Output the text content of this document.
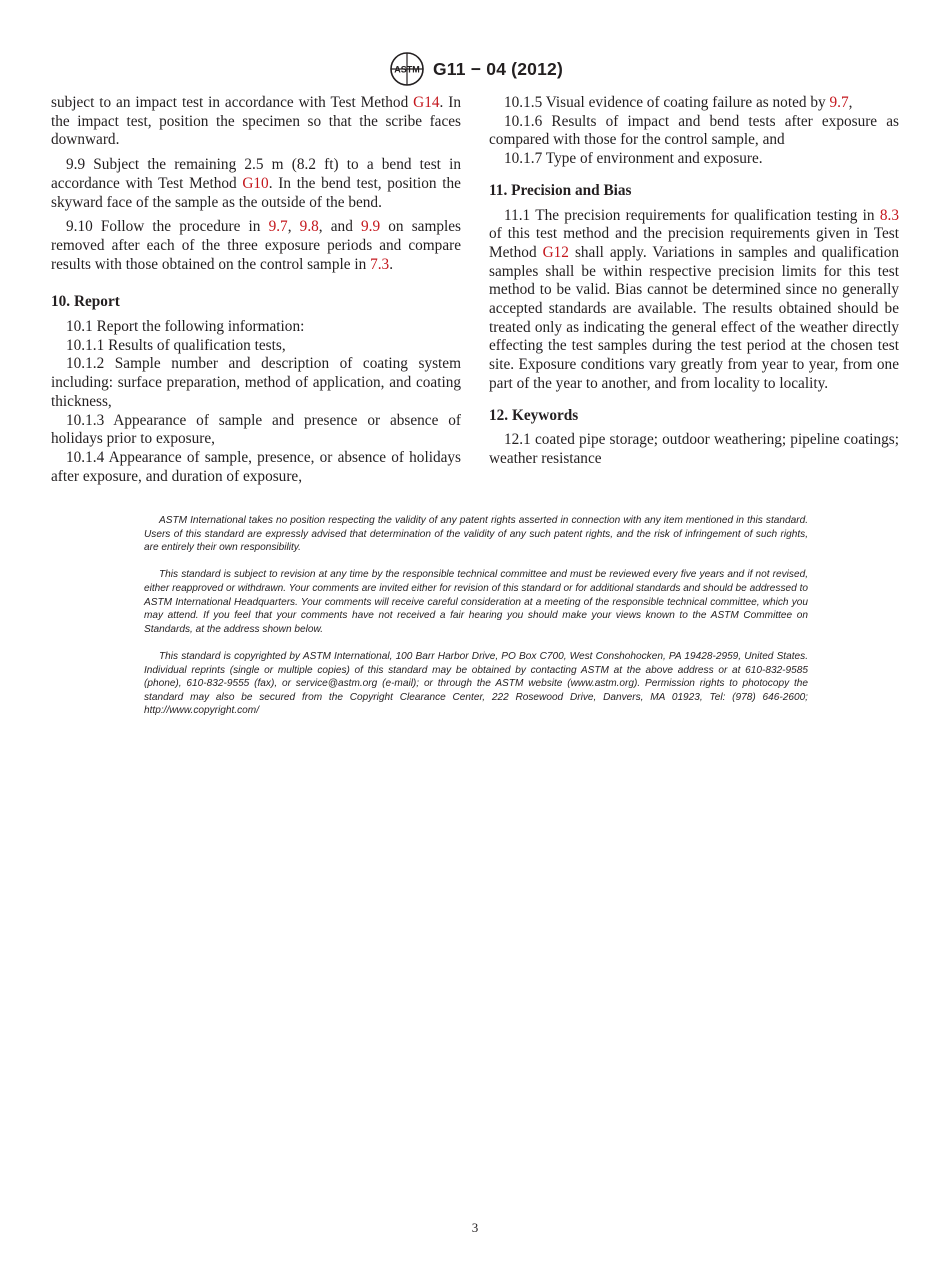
ASTM G11 − 04 (2012)

subject to an impact test in accordance with Test Method G14. In the impact test, position the specimen so that the scribe faces downward.

9.9 Subject the remaining 2.5 m (8.2 ft) to a bend test in accordance with Test Method G10. In the bend test, position the skyward face of the sample as the outside of the bend.

9.10 Follow the procedure in 9.7, 9.8, and 9.9 on samples removed after each of the three exposure periods and compare results with those obtained on the control sample in 7.3.

10. Report

10.1 Report the following information:

10.1.1 Results of qualification tests,

10.1.2 Sample number and description of coating system including: surface preparation, method of application, and coating thickness,

10.1.3 Appearance of sample and presence or absence of holidays prior to exposure,

10.1.4 Appearance of sample, presence, or absence of holidays after exposure, and duration of exposure,

10.1.5 Visual evidence of coating failure as noted by 9.7,

10.1.6 Results of impact and bend tests after exposure as compared with those for the control sample, and

10.1.7 Type of environment and exposure.

11. Precision and Bias

11.1 The precision requirements for qualification testing in 8.3 of this test method and the precision requirements given in Test Method G12 shall apply. Variations in samples and qualification samples shall be within respective precision limits for this test method to be valid. Bias cannot be determined since no generally accepted standards are available. The results obtained should be treated only as indicating the general effect of the weather directly effecting the test samples during the test period at the chosen test site. Exposure conditions vary greatly from year to year, from one part of the year to another, and from locality to locality.

12. Keywords

12.1 coated pipe storage; outdoor weathering; pipeline coatings; weather resistance

ASTM International takes no position respecting the validity of any patent rights asserted in connection with any item mentioned in this standard. Users of this standard are expressly advised that determination of the validity of any such patent rights, and the risk of infringement of such rights, are entirely their own responsibility.

This standard is subject to revision at any time by the responsible technical committee and must be reviewed every five years and if not revised, either reapproved or withdrawn. Your comments are invited either for revision of this standard or for additional standards and should be addressed to ASTM International Headquarters. Your comments will receive careful consideration at a meeting of the responsible technical committee, which you may attend. If you feel that your comments have not received a fair hearing you should make your views known to the ASTM Committee on Standards, at the address shown below.

This standard is copyrighted by ASTM International, 100 Barr Harbor Drive, PO Box C700, West Conshohocken, PA 19428-2959, United States. Individual reprints (single or multiple copies) of this standard may be obtained by contacting ASTM at the above address or at 610-832-9585 (phone), 610-832-9555 (fax), or service@astm.org (e-mail); or through the ASTM website (www.astm.org). Permission rights to photocopy the standard may also be secured from the Copyright Clearance Center, 222 Rosewood Drive, Danvers, MA 01923, Tel: (978) 646-2600; http://www.copyright.com/

3
